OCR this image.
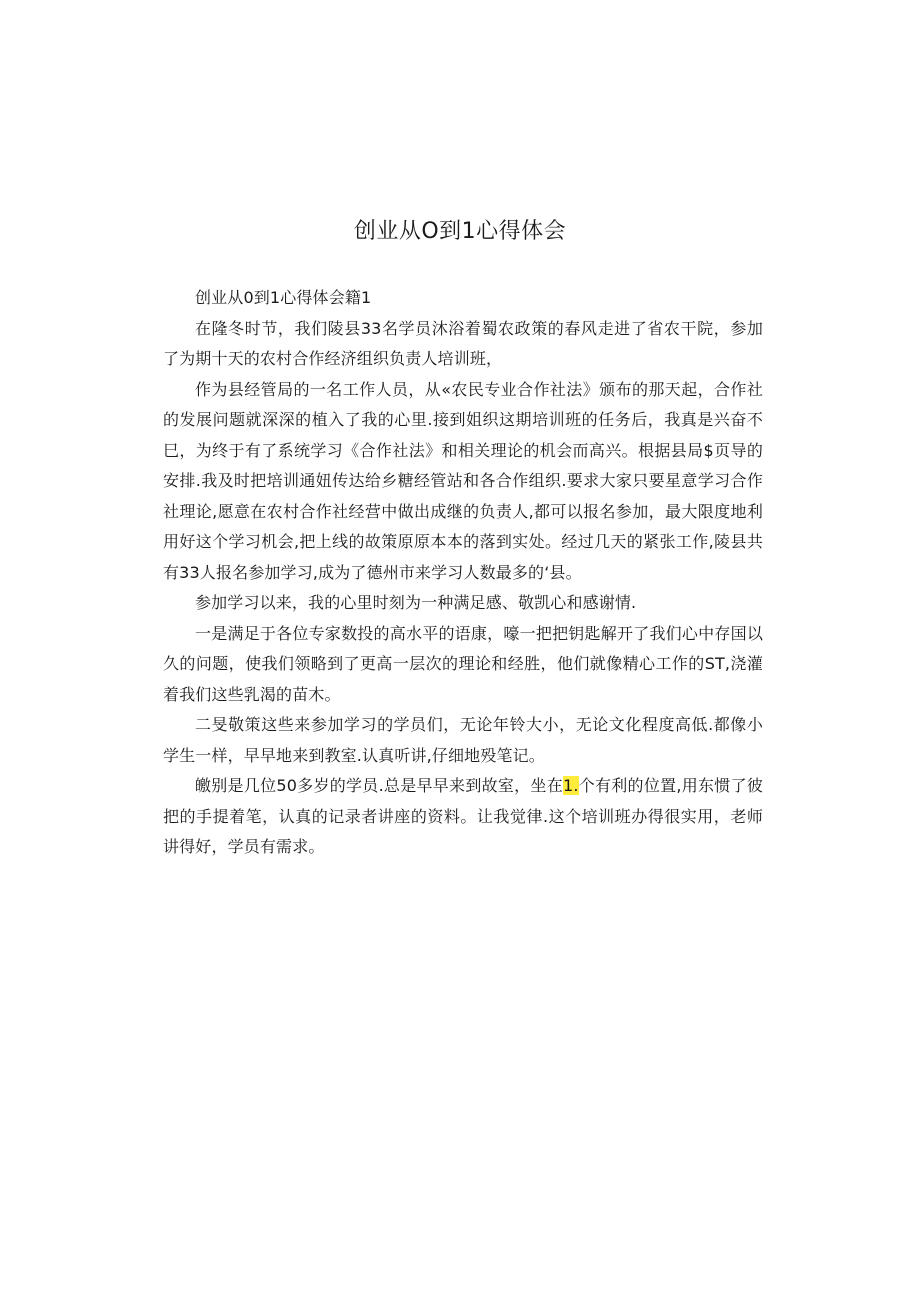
创业从O到1心得体会

创业从0到1心得体会籍1

在隆冬时节，我们陵县33名学员沐浴着蜀农政策的春风走进了省农干院，参加了为期十天的农村合作经济组织负责人培训班，

作为县经管局的一名工作人员，从«农民专业合作社法》颁布的那天起，合作社的发展问题就深深的植入了我的心里.接到姐织这期培训班的任务后，我真是兴奋不巳，为终于有了系统学习《合作社法》和相关理论的机会而高兴。根据县局$页导的安排.我及时把培训通妞传达给乡糖经管站和各合作组织.要求大家只要星意学习合作社理论,愿意在农村合作社经营中做出成继的负责人,都可以报名参加，最大限度地利用好这个学习机会,把上线的故策原原本本的落到实处。经过几天的紧张工作,陵县共有33人报名参加学习,成为了德州市来学习人数最多的‘县。

参加学习以来，我的心里时刻为一种满足感、敬凯心和感谢情.

一是满足于各位专家数投的高水平的语康，嚎一把把钥匙解开了我们心中存国以久的问题，使我们领略到了更高一层次的理论和经胜，他们就像精心工作的ST,浇灌着我们这些乳渴的苗木。

二旻敬策这些来参加学习的学员们，无论年铃大小，无论文化程度高低.都像小学生一样，早早地来到教室.认真听讲,仔细地殁笔记。

皦别是几位50多岁的学员.总是早早来到故室，坐在1.个有利的位置,用东惯了彼把的手提着笔，认真的记录者讲座的资料。让我觉律.这个培训班办得很实用，老师讲得好，学员有需求。
